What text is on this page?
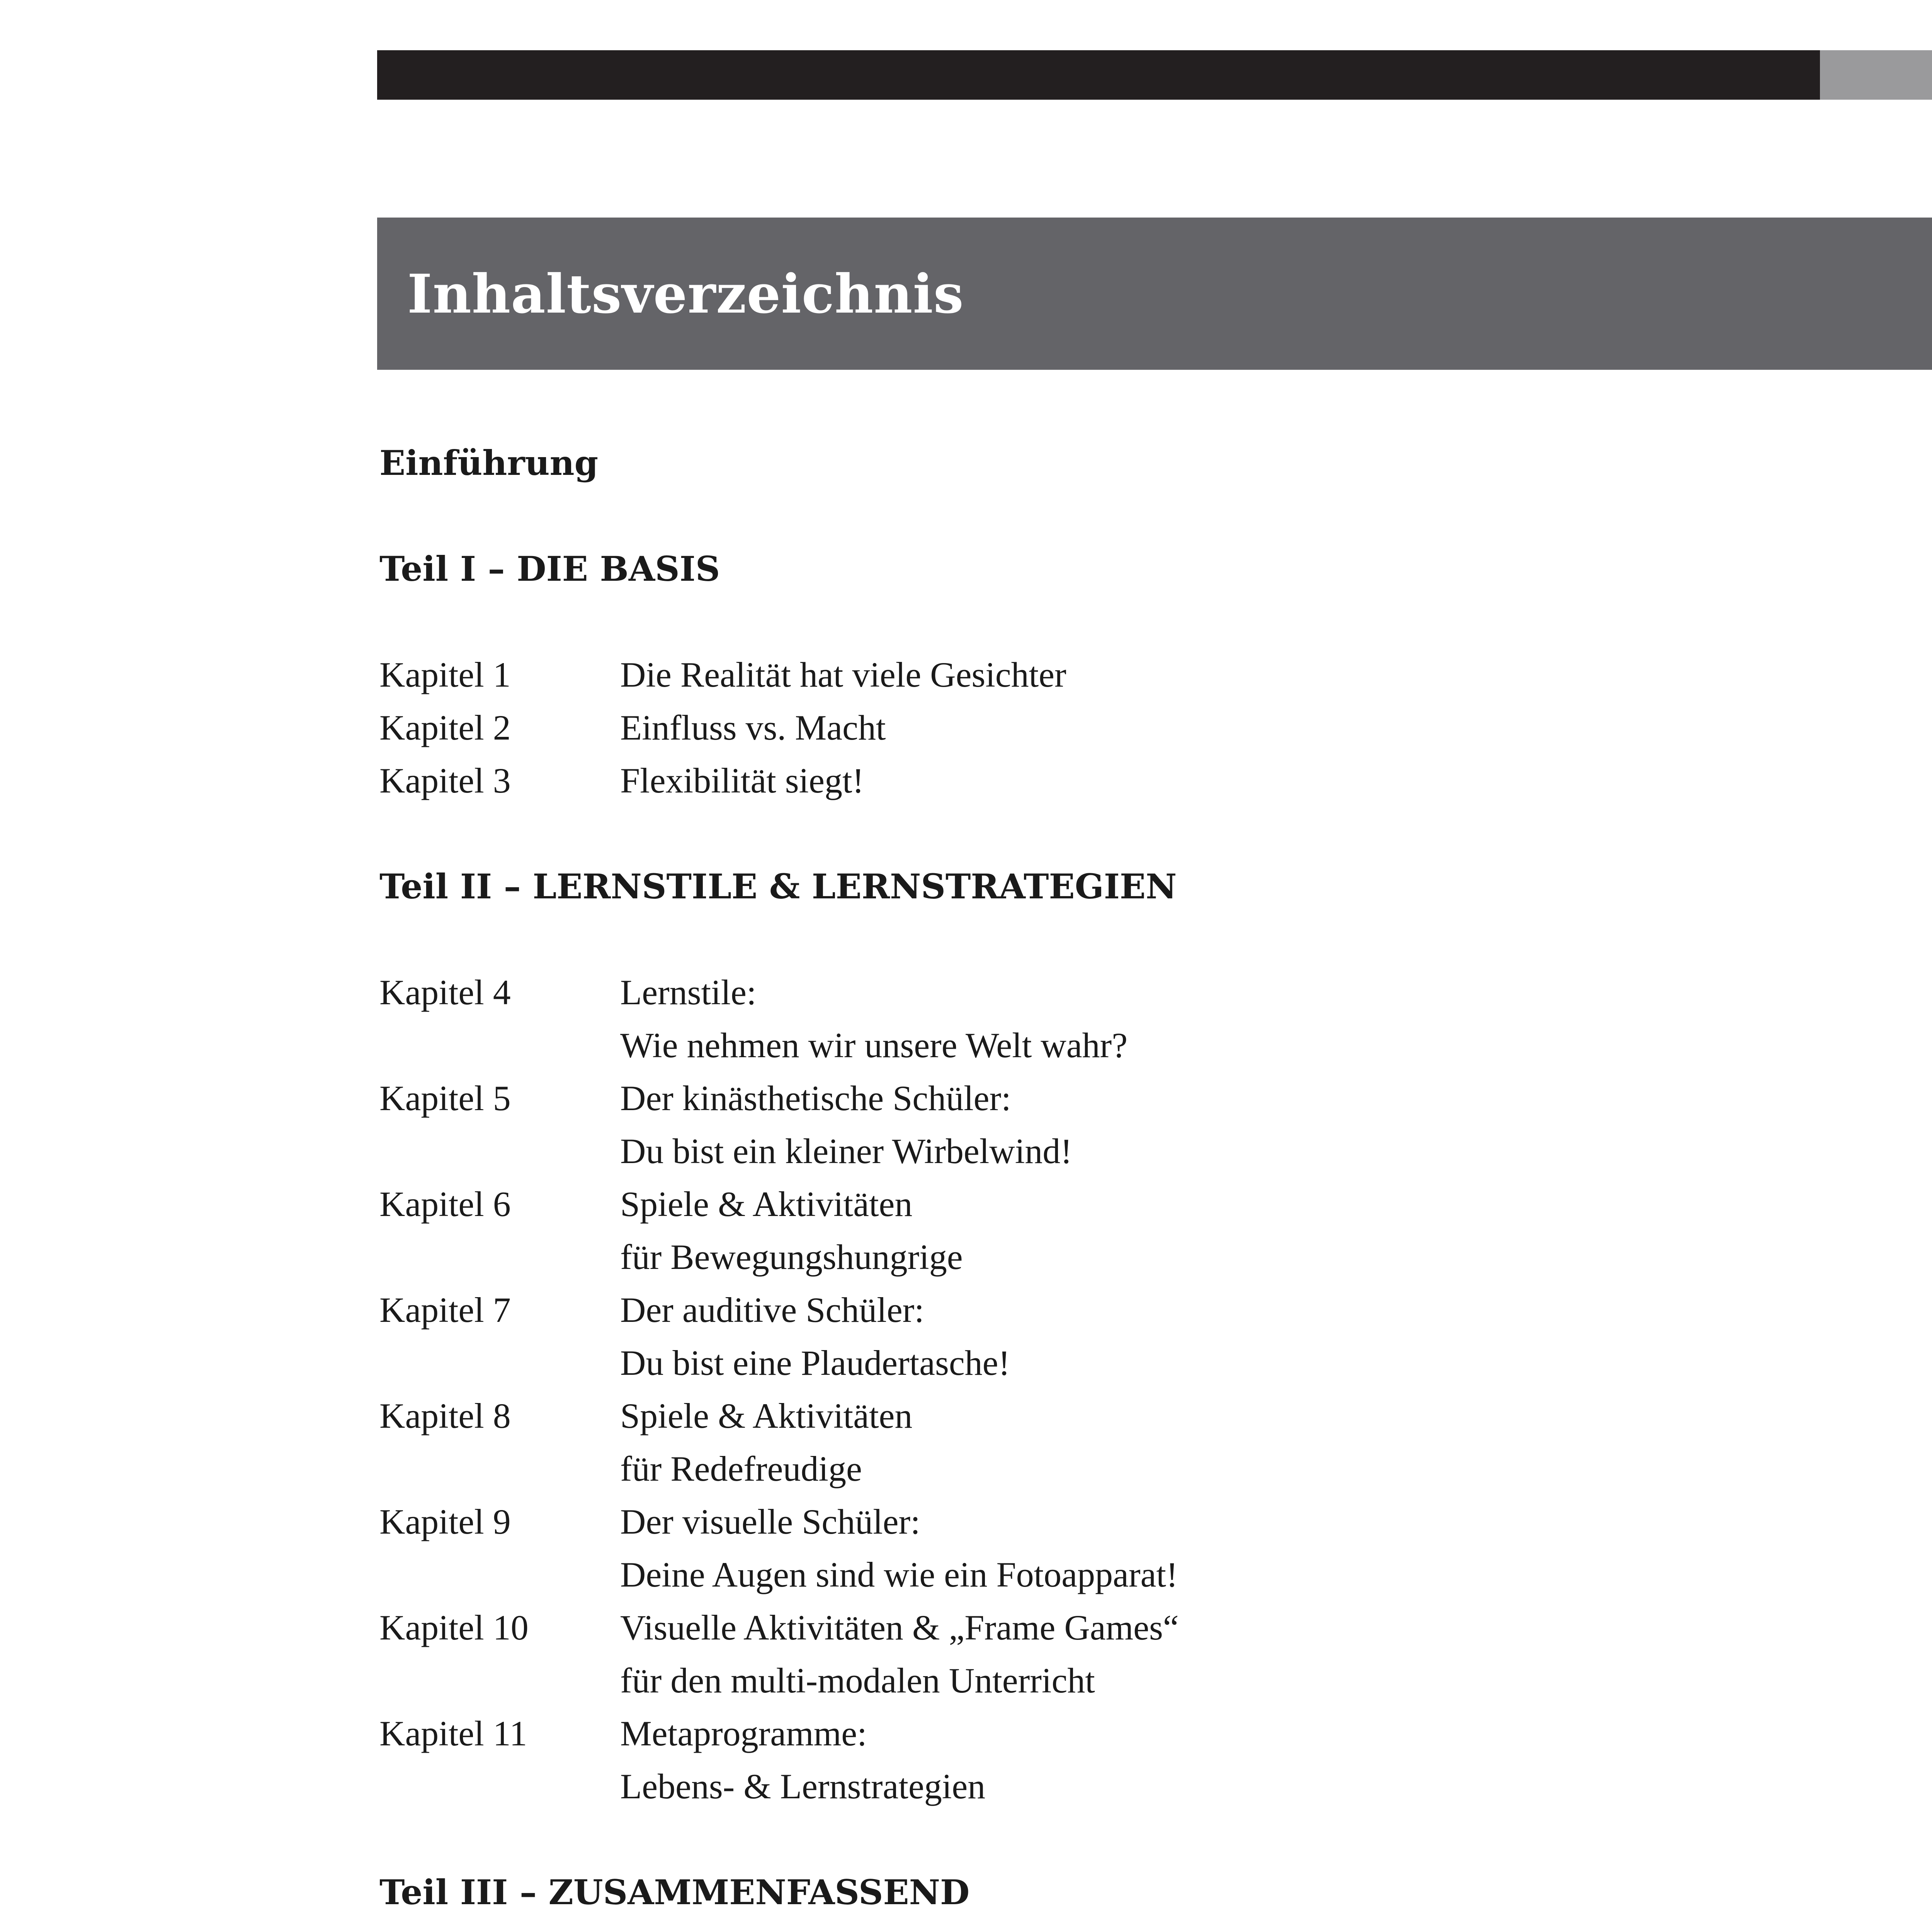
Inhaltsverzeichnis
Einführung
Teil I – DIE BASIS
Kapitel 1	Die Realität hat viele Gesichter
Kapitel 2	Einfluss vs. Macht
Kapitel 3	Flexibilität siegt!
Teil II – LERNSTILE & LERNSTRATEGIEN
Kapitel 4	Lernstile:
Wie nehmen wir unsere Welt wahr?
Kapitel 5	Der kinästhetische Schüler:
Du bist ein kleiner Wirbelwind!
Kapitel 6	Spiele & Aktivitäten
für Bewegungshungrige
Kapitel 7	Der auditive Schüler:
Du bist eine Plaudertasche!
Kapitel 8	Spiele & Aktivitäten
für Redefreudige
Kapitel 9	Der visuelle Schüler:
Deine Augen sind wie ein Fotoapparat!
Kapitel 10	Visuelle Aktivitäten & „Frame Games“
für den multi-modalen Unterricht
Kapitel 11	Metaprogramme:
Lebens- & Lernstrategien
Teil III – ZUSAMMENFASSEND
